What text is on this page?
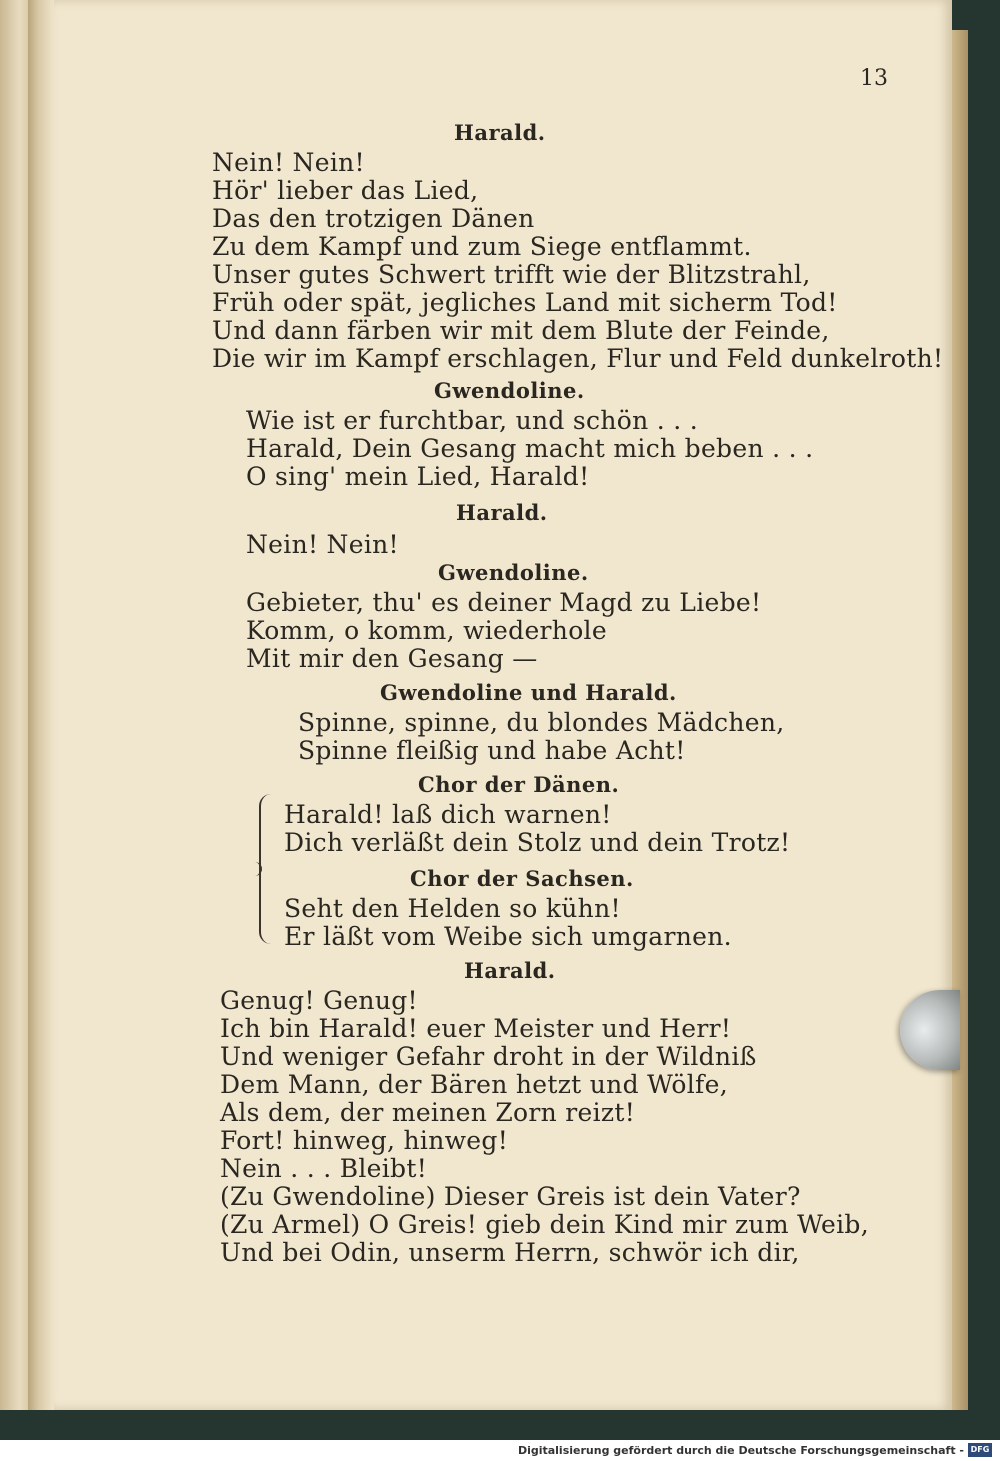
13
Harald.
Nein! Nein!
Hör' lieber das Lied,
Das den trotzigen Dänen
Zu dem Kampf und zum Siege entflammt.
Unser gutes Schwert trifft wie der Blitzstrahl,
Früh oder spät, jegliches Land mit sicherm Tod!
Und dann färben wir mit dem Blute der Feinde,
Die wir im Kampf erschlagen, Flur und Feld dunkelroth!
Gwendoline.
Wie ist er furchtbar, und schön . . .
Harald, Dein Gesang macht mich beben . . .
O sing' mein Lied, Harald!
Harald.
Nein! Nein!
Gwendoline.
Gebieter, thu' es deiner Magd zu Liebe!
Komm, o komm, wiederhole
Mit mir den Gesang —
Gwendoline und Harald.
Spinne, spinne, du blondes Mädchen,
Spinne fleißig und habe Acht!
Chor der Dänen.
Harald! laß dich warnen!
Dich verläßt dein Stolz und dein Trotz!
Chor der Sachsen.
Seht den Helden so kühn!
Er läßt vom Weibe sich umgarnen.
Harald.
Genug! Genug!
Ich bin Harald! euer Meister und Herr!
Und weniger Gefahr droht in der Wildniß
Dem Mann, der Bären hetzt und Wölfe,
Als dem, der meinen Zorn reizt!
Fort! hinweg, hinweg!
Nein . . . Bleibt!
(Zu Gwendoline) Dieser Greis ist dein Vater?
(Zu Armel) O Greis! gieb dein Kind mir zum Weib,
Und bei Odin, unserm Herrn, schwör ich dir,
Digitalisierung gefördert durch die Deutsche Forschungsgemeinschaft - DFG
